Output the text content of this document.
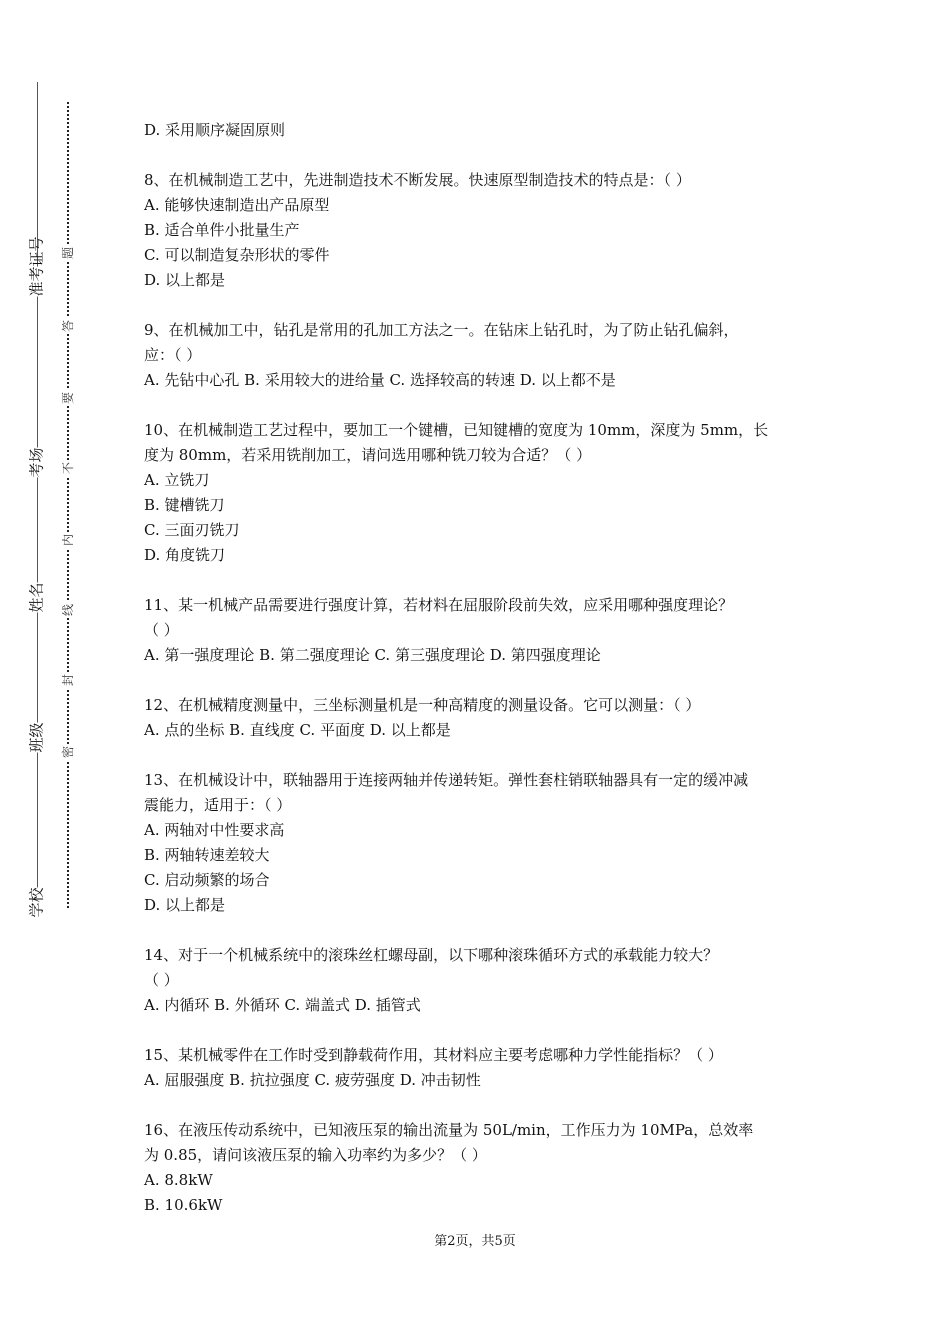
准考证号
考场
姓名
班级
学校
题
答
要
不
内
线
封
密
D. 采用顺序凝固原则
8、在机械制造工艺中，先进制造技术不断发展。快速原型制造技术的特点是：（ ）
A. 能够快速制造出产品原型
B. 适合单件小批量生产
C. 可以制造复杂形状的零件
D. 以上都是
9、在机械加工中，钻孔是常用的孔加工方法之一。在钻床上钻孔时，为了防止钻孔偏斜，
应：（ ）
A. 先钻中心孔 B. 采用较大的进给量 C. 选择较高的转速 D. 以上都不是
10、在机械制造工艺过程中，要加工一个键槽，已知键槽的宽度为 10mm，深度为 5mm，长
度为 80mm，若采用铣削加工，请问选用哪种铣刀较为合适？（ ）
A. 立铣刀
B. 键槽铣刀
C. 三面刃铣刀
D. 角度铣刀
11、某一机械产品需要进行强度计算，若材料在屈服阶段前失效，应采用哪种强度理论？
（ ）
A. 第一强度理论 B. 第二强度理论 C. 第三强度理论 D. 第四强度理论
12、在机械精度测量中，三坐标测量机是一种高精度的测量设备。它可以测量：（ ）
A. 点的坐标 B. 直线度 C. 平面度 D. 以上都是
13、在机械设计中，联轴器用于连接两轴并传递转矩。弹性套柱销联轴器具有一定的缓冲减
震能力，适用于：（ ）
A. 两轴对中性要求高
B. 两轴转速差较大
C. 启动频繁的场合
D. 以上都是
14、对于一个机械系统中的滚珠丝杠螺母副，以下哪种滚珠循环方式的承载能力较大？
（ ）
A. 内循环 B. 外循环 C. 端盖式 D. 插管式
15、某机械零件在工作时受到静载荷作用，其材料应主要考虑哪种力学性能指标？（ ）
A. 屈服强度 B. 抗拉强度 C. 疲劳强度 D. 冲击韧性
16、在液压传动系统中，已知液压泵的输出流量为 50L/min，工作压力为 10MPa，总效率
为 0.85，请问该液压泵的输入功率约为多少？（ ）
A. 8.8kW
B. 10.6kW
第2页，共5页
